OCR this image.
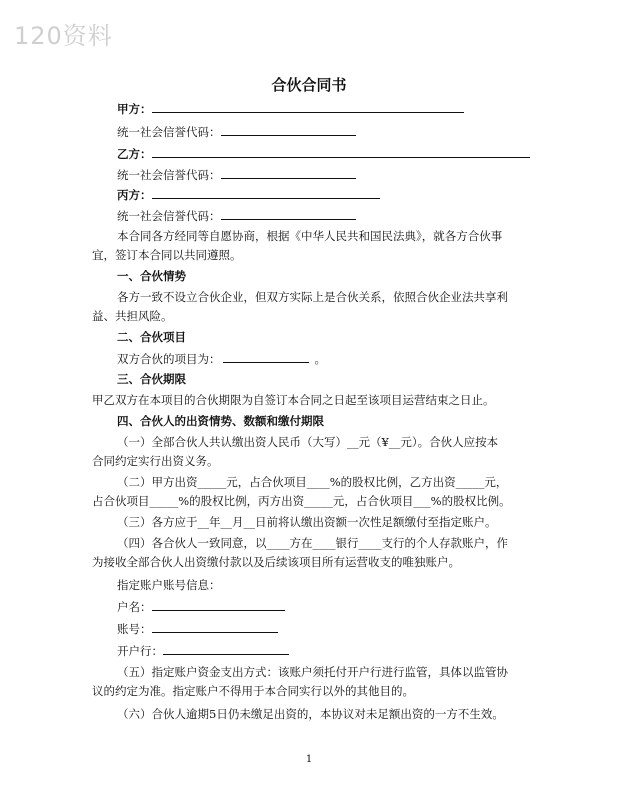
120资料
合伙合同书
甲方：
统一社会信誉代码：
乙方：
统一社会信誉代码：
丙方：
统一社会信誉代码：
本合同各方经同等自愿协商，根据《中华人民共和国民法典》，就各方合伙事
宜，签订本合同以共同遵照。
一、合伙情势
各方一致不设立合伙企业，但双方实际上是合伙关系，依照合伙企业法共享利
益、共担风险。
二、合伙项目
双方合伙的项目为：	。
三、合伙期限
甲乙双方在本项目的合伙期限为自签订本合同之日起至该项目运营结束之日止。
四、合伙人的出资情势、数额和缴付期限
（一）全部合伙人共认缴出资人民币（大写）__元（¥__元）。合伙人应按本
合同约定实行出资义务。
（二）甲方出资_____元，占合伙项目____%的股权比例，乙方出资_____元，
占合伙项目_____%的股权比例，丙方出资_____元，占合伙项目___%的股权比例。
（三）各方应于__年__月__日前将认缴出资额一次性足额缴付至指定账户。
（四）各合伙人一致同意，以____方在____银行____支行的个人存款账户，作
为接收全部合伙人出资缴付款以及后续该项目所有运营收支的唯独账户。
指定账户账号信息：
户名：
账号：
开户行：
（五）指定账户资金支出方式：该账户须托付开户行进行监管，具体以监管协
议的约定为准。指定账户不得用于本合同实行以外的其他目的。
（六）合伙人逾期5日仍未缴足出资的，本协议对未足额出资的一方不生效。
1
